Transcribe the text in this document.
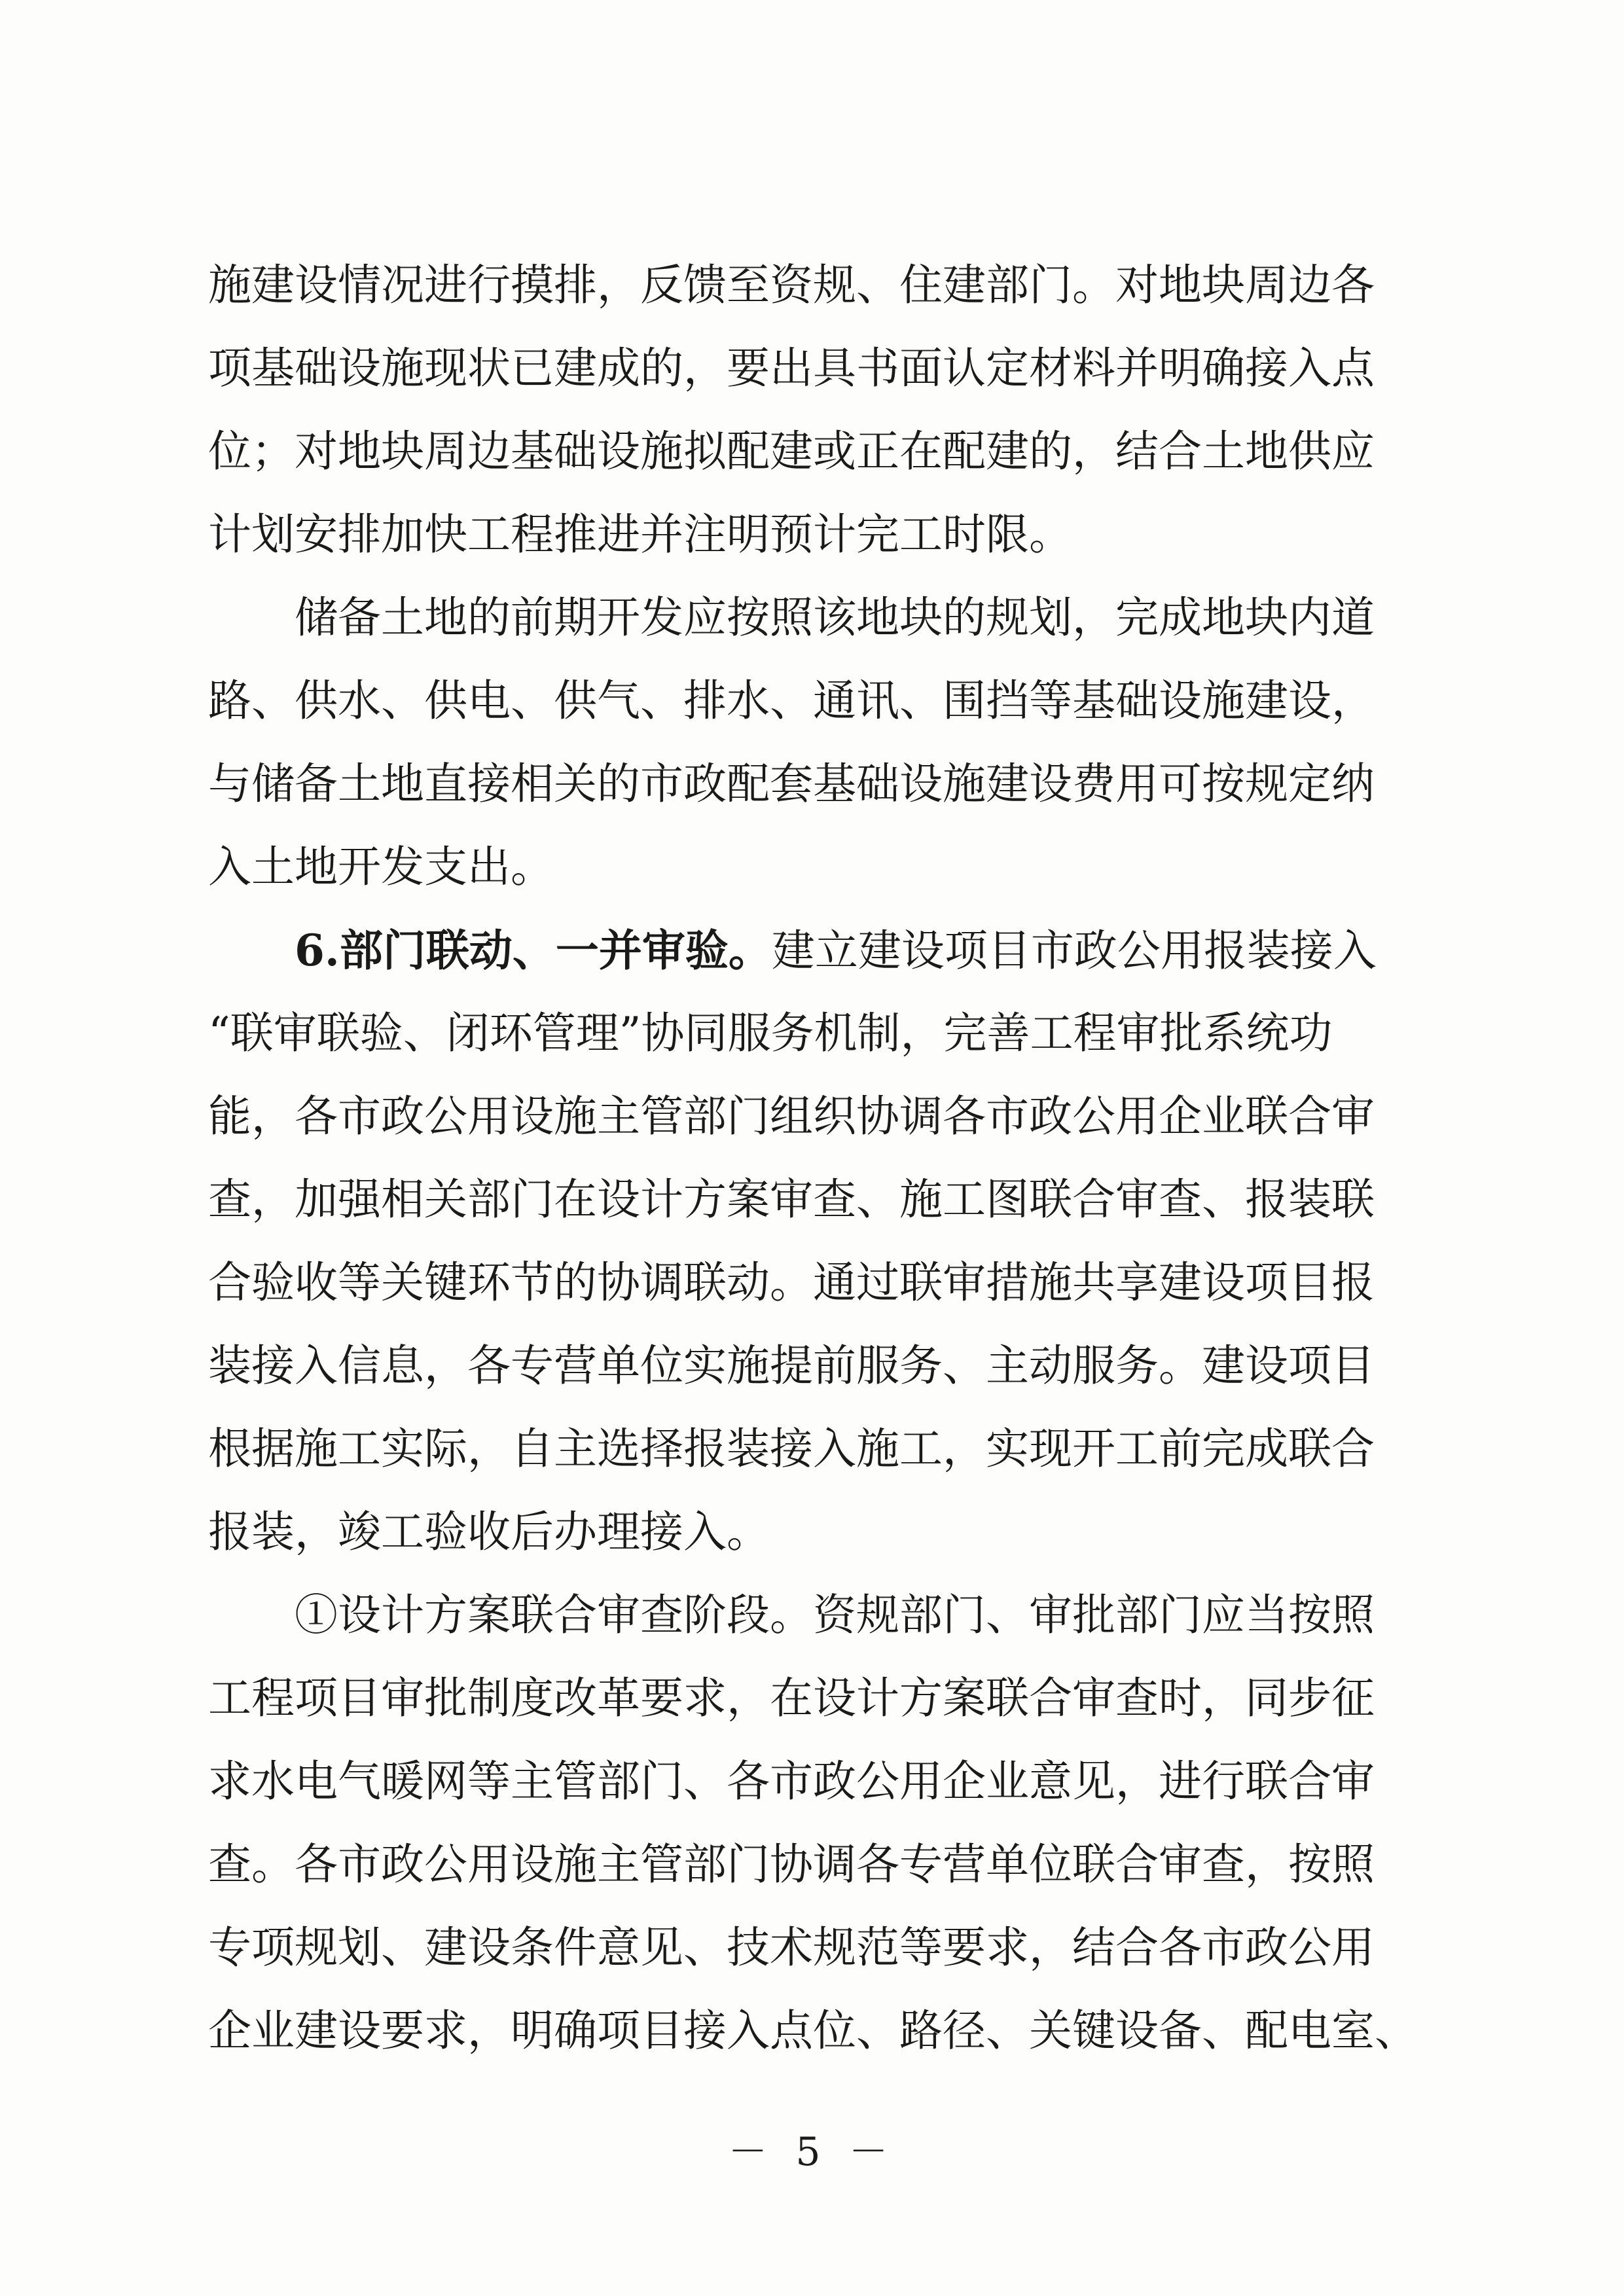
施建设情况进行摸排，反馈至资规、住建部门。对地块周边各
项基础设施现状已建成的，要出具书面认定材料并明确接入点
位；对地块周边基础设施拟配建或正在配建的，结合土地供应
计划安排加快工程推进并注明预计完工时限。
储备土地的前期开发应按照该地块的规划，完成地块内道
路、供水、供电、供气、排水、通讯、围挡等基础设施建设，
与储备土地直接相关的市政配套基础设施建设费用可按规定纳
入土地开发支出。
6.部门联动、一并审验。建立建设项目市政公用报装接入
“联审联验、闭环管理”协同服务机制，完善工程审批系统功
能，各市政公用设施主管部门组织协调各市政公用企业联合审
查，加强相关部门在设计方案审查、施工图联合审查、报装联
合验收等关键环节的协调联动。通过联审措施共享建设项目报
装接入信息，各专营单位实施提前服务、主动服务。建设项目
根据施工实际，自主选择报装接入施工，实现开工前完成联合
报装，竣工验收后办理接入。
①设计方案联合审查阶段。资规部门、审批部门应当按照
工程项目审批制度改革要求，在设计方案联合审查时，同步征
求水电气暖网等主管部门、各市政公用企业意见，进行联合审
查。各市政公用设施主管部门协调各专营单位联合审查，按照
专项规划、建设条件意见、技术规范等要求，结合各市政公用
企业建设要求，明确项目接入点位、路径、关键设备、配电室、
－ 5 －
